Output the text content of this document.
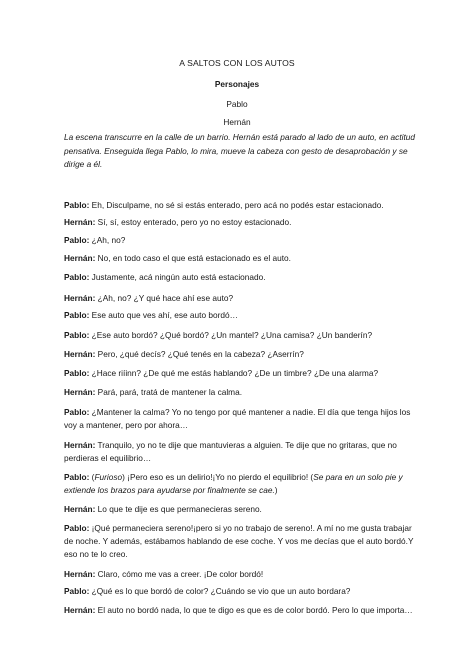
A SALTOS CON LOS AUTOS
Personajes
Pablo
Hernán
La escena transcurre en la calle de un barrio. Hernán está parado al lado de un auto, en actitud pensativa. Enseguida llega Pablo, lo mira, mueve la cabeza con gesto de desaprobación y se dirige a él.
Pablo: Eh, Disculpame, no sé si estás enterado, pero acá no podés estar estacionado.
Hernán: Sí, sí, estoy enterado, pero yo no estoy estacionado.
Pablo: ¿Ah, no?
Hernán: No, en todo caso el que está estacionado es el auto.
Pablo: Justamente, acá ningún auto está estacionado.
Hernán: ¿Ah, no? ¿Y qué hace ahí ese auto?
Pablo: Ese auto que ves ahí, ese auto bordó…
Pablo: ¿Ese auto bordó? ¿Qué bordó? ¿Un mantel? ¿Una camisa? ¿Un banderín?
Hernán: Pero, ¿qué decís? ¿Qué tenés en la cabeza? ¿Aserrín?
Pablo: ¿Hace riíinn? ¿De qué me estás hablando? ¿De un timbre? ¿De una alarma?
Hernán: Pará, pará, tratá de mantener la calma.
Pablo: ¿Mantener la calma? Yo no tengo por qué mantener a nadie. El día que tenga hijos los voy a mantener, pero por ahora…
Hernán: Tranquilo, yo no te dije que mantuvieras a alguien. Te dije que no gritaras, que no perdieras el equilibrio…
Pablo: (Furioso) ¡Pero eso es un delirio!¡Yo no pierdo el equilibrio! (Se para en un solo pie y extiende los brazos para ayudarse por finalmente se cae.)
Hernán: Lo que te dije es que permanecieras sereno.
Pablo: ¡Qué permaneciera sereno!¡pero si yo no trabajo de sereno!. A mí no me gusta trabajar de noche. Y además, estábamos hablando de ese coche. Y vos me decías que el auto bordó.Y eso no te lo creo.
Hernán: Claro, cómo me vas a creer. ¡De color bordó!
Pablo: ¿Qué es lo que bordó de color? ¿Cuándo se vio que un auto bordara?
Hernán: El auto no bordó nada, lo que te digo es que es de color bordó. Pero lo que importa…
